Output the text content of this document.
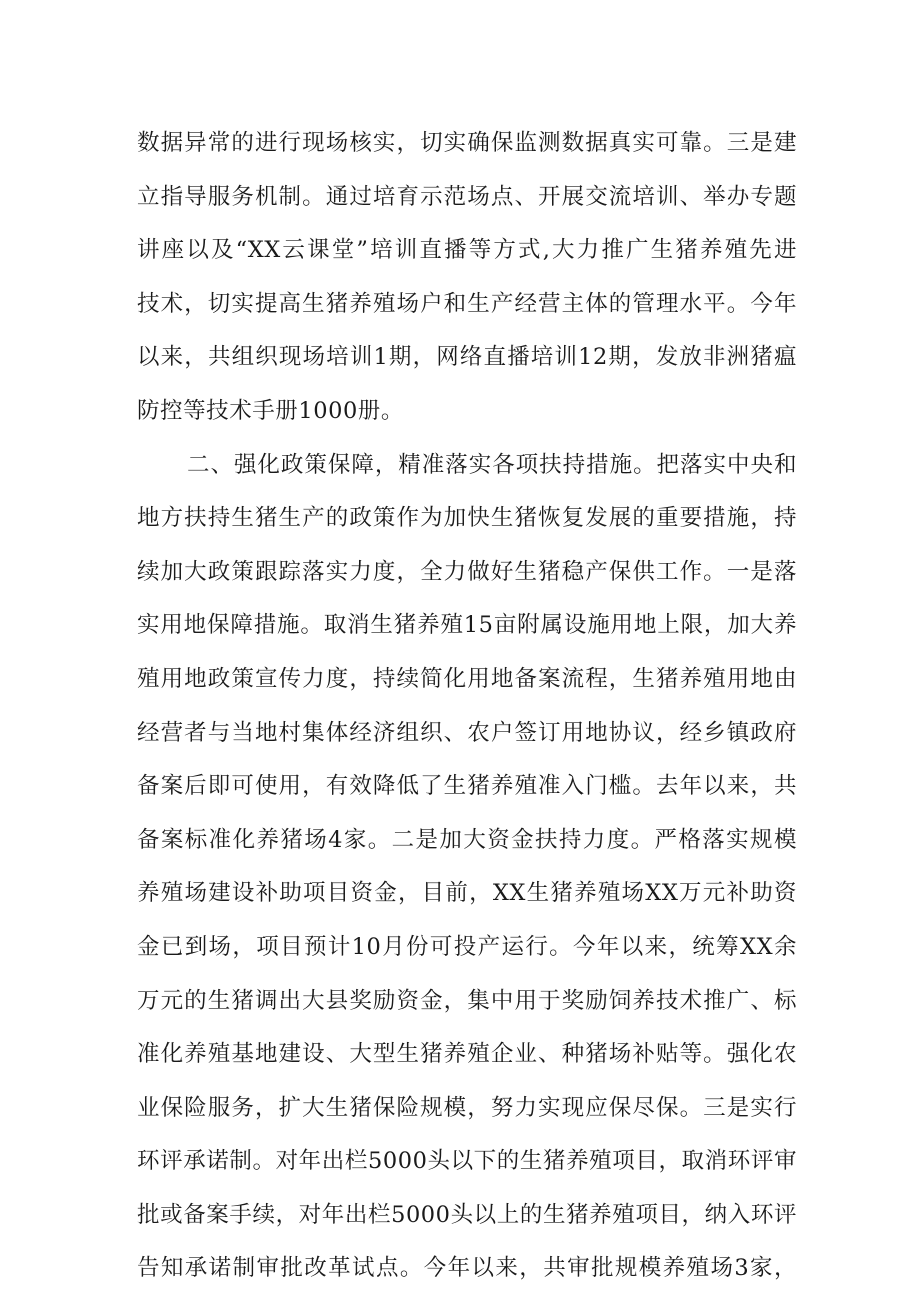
数据异常的进行现场核实，切实确保监测数据真实可靠。三是建
立指导服务机制。通过培育示范场点、开展交流培训、举办专题
讲座以及“XX云课堂”培训直播等方式,大力推广生猪养殖先进
技术，切实提高生猪养殖场户和生产经营主体的管理水平。今年
以来，共组织现场培训1期，网络直播培训12期，发放非洲猪瘟
防控等技术手册1000册。
二、强化政策保障，精准落实各项扶持措施。把落实中央和
地方扶持生猪生产的政策作为加快生猪恢复发展的重要措施，持
续加大政策跟踪落实力度，全力做好生猪稳产保供工作。一是落
实用地保障措施。取消生猪养殖15亩附属设施用地上限，加大养
殖用地政策宣传力度，持续简化用地备案流程，生猪养殖用地由
经营者与当地村集体经济组织、农户签订用地协议，经乡镇政府
备案后即可使用，有效降低了生猪养殖准入门槛。去年以来，共
备案标准化养猪场4家。二是加大资金扶持力度。严格落实规模
养殖场建设补助项目资金，目前，XX生猪养殖场XX万元补助资
金已到场，项目预计10月份可投产运行。今年以来，统筹XX余
万元的生猪调出大县奖励资金，集中用于奖励饲养技术推广、标
准化养殖基地建设、大型生猪养殖企业、种猪场补贴等。强化农
业保险服务，扩大生猪保险规模，努力实现应保尽保。三是实行
环评承诺制。对年出栏5000头以下的生猪养殖项目，取消环评审
批或备案手续，对年出栏5000头以上的生猪养殖项目，纳入环评
告知承诺制审批改革试点。今年以来，共审批规模养殖场3家，
